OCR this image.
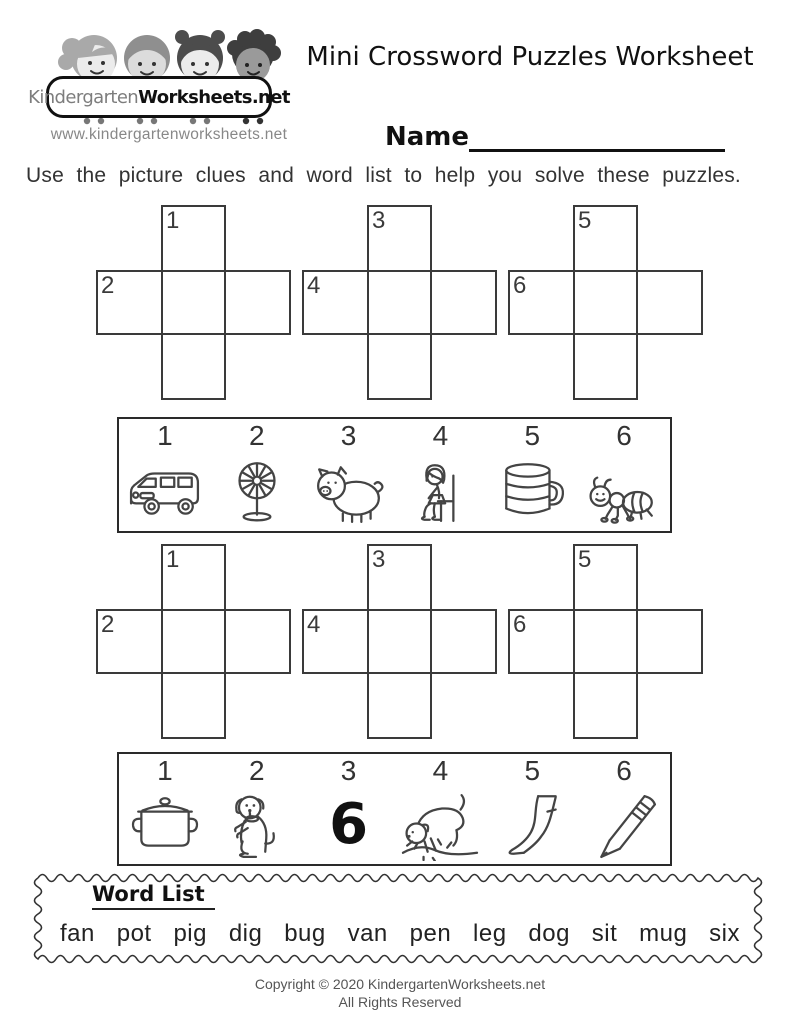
KindergartenWorksheets.net
www.kindergartenworksheets.net
Mini Crossword Puzzles Worksheet
Name
Use the picture clues and word list to help you solve these puzzles.
1
2
3
4
5
6
1	2	3	4	5	6
1
2
3
4
5
6
1	2	3
6
4	5	6
Word List
fan pot pig dig bug van pen leg dog sit mug six
Copyright © 2020 KindergartenWorksheets.net
All Rights Reserved
